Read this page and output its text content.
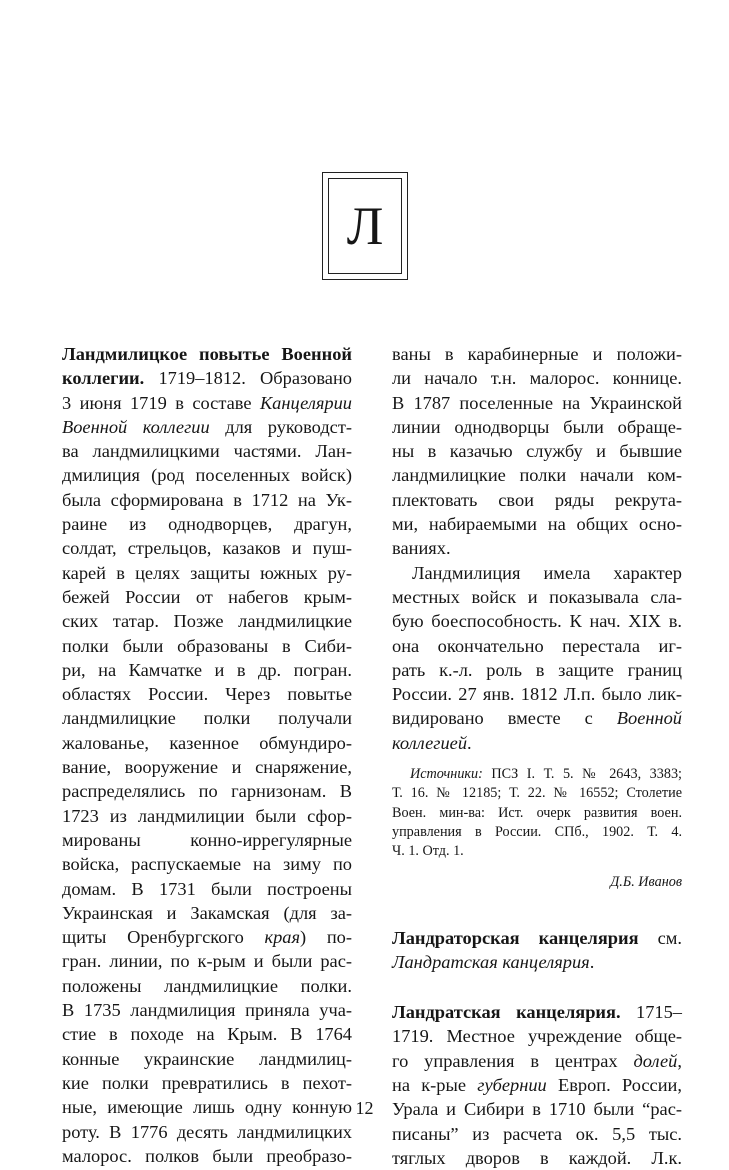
Л
Ландмилицкое повытье Военной
коллегии. 1719–1812. Образовано
3 июня 1719 в составе Канцелярии
Военной коллегии для руководст-
ва ландмилицкими частями. Лан-
дмилиция (род поселенных войск)
была сформирована в 1712 на Ук-
раине из однодворцев, драгун,
солдат, стрельцов, казаков и пуш-
карей в целях защиты южных ру-
бежей России от набегов крым-
ских татар. Позже ландмилицкие
полки были образованы в Сиби-
ри, на Камчатке и в др. погран.
областях России. Через повытье
ландмилицкие полки получали
жалованье, казенное обмундиро-
вание, вооружение и снаряжение,
распределялись по гарнизонам. В
1723 из ландмилиции были сфор-
мированы конно-иррегулярные
войска, распускаемые на зиму по
домам. В 1731 были построены
Украинская и Закамская (для за-
щиты Оренбургского края) по-
гран. линии, по к-рым и были рас-
положены ландмилицкие полки.
В 1735 ландмилиция приняла уча-
стие в походе на Крым. В 1764
конные украинские ландмилиц-
кие полки превратились в пехот-
ные, имеющие лишь одну конную
роту. В 1776 десять ландмилицких
малорос. полков были преобразо-
ваны в карабинерные и положи-
ли начало т.н. малорос. коннице.
В 1787 поселенные на Украинской
линии однодворцы были обраще-
ны в казачью службу и бывшие
ландмилицкие полки начали ком-
плектовать свои ряды рекрута-
ми, набираемыми на общих осно-
ваниях.
Ландмилиция имела характер
местных войск и показывала сла-
бую боеспособность. К нач. XIX в.
она окончательно перестала иг-
рать к.-л. роль в защите границ
России. 27 янв. 1812 Л.п. было лик-
видировано вместе с Военной
коллегией.
Источники: ПСЗ I. Т. 5. № 2643, 3383;
Т. 16. № 12185; Т. 22. № 16552; Столетие
Воен. мин-ва: Ист. очерк развития воен.
управления в России. СПб., 1902. Т. 4.
Ч. 1. Отд. 1.
Д.Б. Иванов
Ландраторская канцелярия см.
Ландратская канцелярия.
Ландратская канцелярия. 1715–
1719. Местное учреждение обще-
го управления в центрах долей,
на к-рые губернии Европ. России,
Урала и Сибири в 1710 были “рас-
писаны” из расчета ок. 5,5 тыс.
тяглых дворов в каждой. Л.к.
12
